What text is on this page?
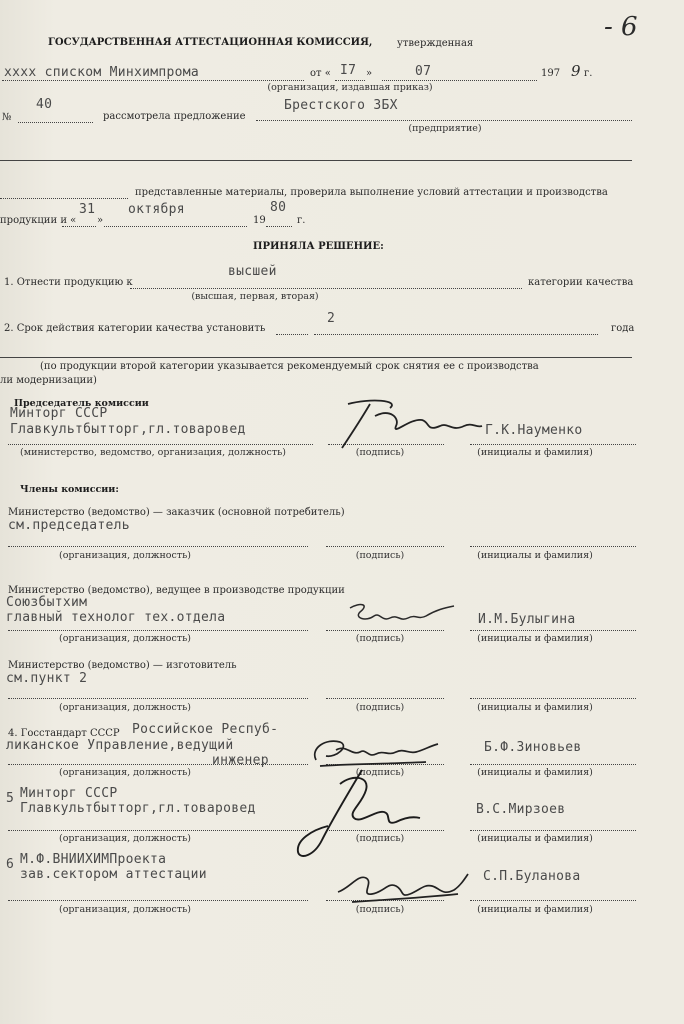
- 6
ГОСУДАРСТВЕННАЯ АТТЕСТАЦИОННАЯ КОМИССИЯ, утвержденная
хххх списком Минхимпрома	от « I7 »	07	197 9 г.
(организация, издавшая приказ)
№
40
рассмотрела предложение
Брестского ЗБХ
(предприятие)
представленные материалы, проверила выполнение условий аттестации и производства
продукции и «
31
»
октября
19
80
г.
ПРИНЯЛА РЕШЕНИЕ:
1. Отнести продукцию к
высшей
категории качества
(высшая, первая, вторая)
2. Срок действия категории качества установить
2
года
(по продукции второй категории указывается рекомендуемый срок снятия ее с производства
ли модернизации)
Председатель комиссии
Минторг СССР
Главкультбытторг,гл.товаровед	Г.К.Науменко
(министерство, ведомство, организация, должность)	(подпись)	(инициалы и фамилия)
Члены комиссии:
Министерство (ведомство) — заказчик (основной потребитель)
см.председатель
(организация, должность)	(подпись)	(инициалы и фамилия)
Министерство (ведомство), ведущее в производстве продукции
Союзбытхим
главный технолог тех.отдела	И.М.Булыгина
(организация, должность)	(подпись)	(инициалы и фамилия)
Министерство (ведомство) — изготовитель
см.пункт 2
(организация, должность)	(подпись)	(инициалы и фамилия)
4. Госстандарт СССР Российское Респуб-
ликанское Управление,ведущий
инженер
Б.Ф.Зиновьев
(организация, должность)	(подпись)	(инициалы и фамилия)
5 Минторг СССР
Главкультбытторг,гл.товаровед	В.С.Мирзоев
(организация, должность)	(подпись)	(инициалы и фамилия)
6 М.Ф.ВНИИХИМПроекта
зав.сектором аттестации	С.П.Буланова
(организация, должность)	(подпись)	(инициалы и фамилия)
